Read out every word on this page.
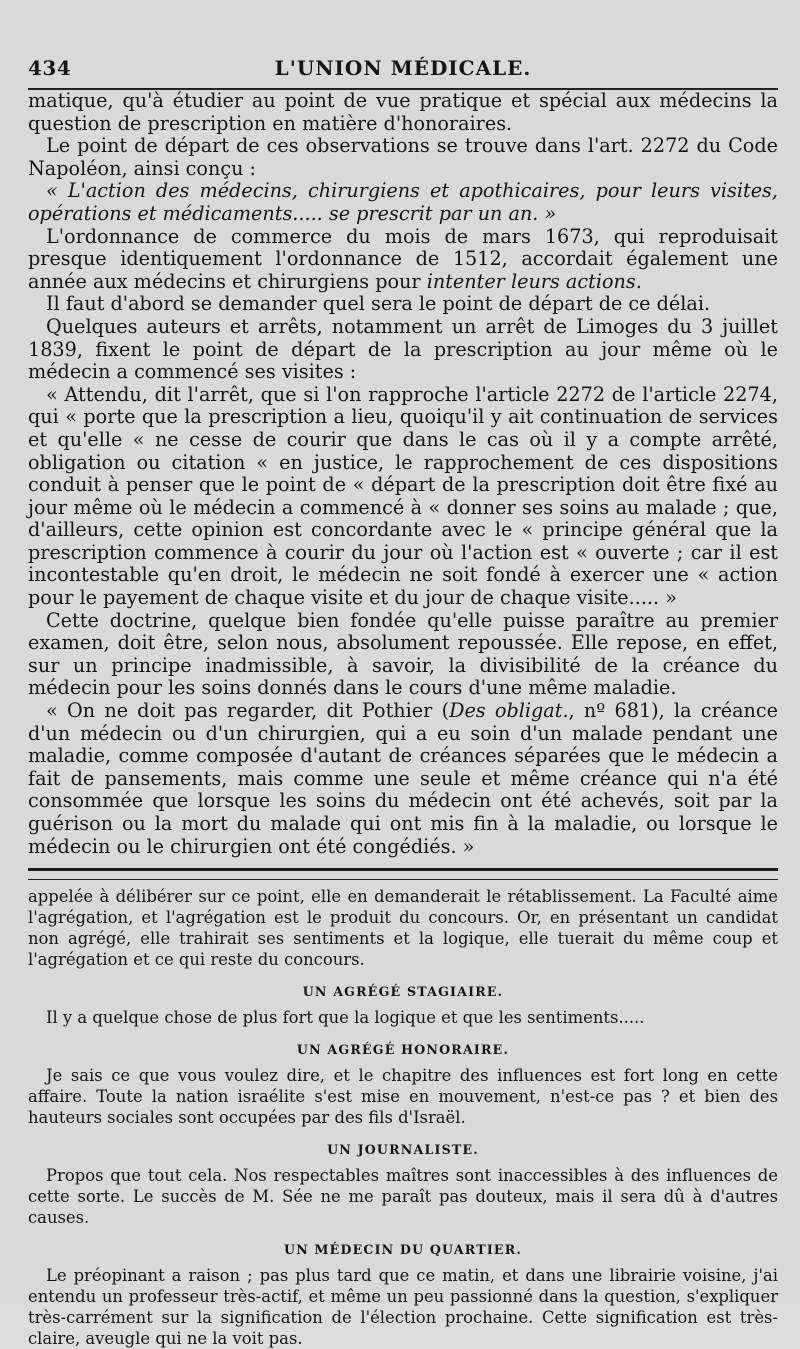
434	L'UNION MÉDICALE.

matique, qu'à étudier au point de vue pratique et spécial aux médecins la question de prescription en matière d'honoraires.

Le point de départ de ces observations se trouve dans l'art. 2272 du Code Napoléon, ainsi conçu :

« L'action des médecins, chirurgiens et apothicaires, pour leurs visites, opérations et médicaments..... se prescrit par un an. »

L'ordonnance de commerce du mois de mars 1673, qui reproduisait presque identiquement l'ordonnance de 1512, accordait également une année aux médecins et chirurgiens pour intenter leurs actions.

Il faut d'abord se demander quel sera le point de départ de ce délai.

Quelques auteurs et arrêts, notamment un arrêt de Limoges du 3 juillet 1839, fixent le point de départ de la prescription au jour même où le médecin a commencé ses visites :

« Attendu, dit l'arrêt, que si l'on rapproche l'article 2272 de l'article 2274, qui « porte que la prescription a lieu, quoiqu'il y ait continuation de services et qu'elle « ne cesse de courir que dans le cas où il y a compte arrêté, obligation ou citation « en justice, le rapprochement de ces dispositions conduit à penser que le point de « départ de la prescription doit être fixé au jour même où le médecin a commencé à « donner ses soins au malade ; que, d'ailleurs, cette opinion est concordante avec le « principe général que la prescription commence à courir du jour où l'action est « ouverte ; car il est incontestable qu'en droit, le médecin ne soit fondé à exercer une « action pour le payement de chaque visite et du jour de chaque visite..... »

Cette doctrine, quelque bien fondée qu'elle puisse paraître au premier examen, doit être, selon nous, absolument repoussée. Elle repose, en effet, sur un principe inadmissible, à savoir, la divisibilité de la créance du médecin pour les soins donnés dans le cours d'une même maladie.

« On ne doit pas regarder, dit Pothier (Des obligat., nº 681), la créance d'un médecin ou d'un chirurgien, qui a eu soin d'un malade pendant une maladie, comme composée d'autant de créances séparées que le médecin a fait de pansements, mais comme une seule et même créance qui n'a été consommée que lorsque les soins du médecin ont été achevés, soit par la guérison ou la mort du malade qui ont mis fin à la maladie, ou lorsque le médecin ou le chirurgien ont été congédiés. »

appelée à délibérer sur ce point, elle en demanderait le rétablissement. La Faculté aime l'agrégation, et l'agrégation est le produit du concours. Or, en présentant un candidat non agrégé, elle trahirait ses sentiments et la logique, elle tuerait du même coup et l'agrégation et ce qui reste du concours.

UN AGRÉGÉ STAGIAIRE.

Il y a quelque chose de plus fort que la logique et que les sentiments.....

UN AGRÉGÉ HONORAIRE.

Je sais ce que vous voulez dire, et le chapitre des influences est fort long en cette affaire. Toute la nation israélite s'est mise en mouvement, n'est-ce pas ? et bien des hauteurs sociales sont occupées par des fils d'Israël.

UN JOURNALISTE.

Propos que tout cela. Nos respectables maîtres sont inaccessibles à des influences de cette sorte. Le succès de M. Sée ne me paraît pas douteux, mais il sera dû à d'autres causes.

UN MÉDECIN DU QUARTIER.

Le préopinant a raison ; pas plus tard que ce matin, et dans une librairie voisine, j'ai entendu un professeur très-actif, et même un peu passionné dans la question, s'expliquer très-carrément sur la signification de l'élection prochaine. Cette signification est très-claire, aveugle qui ne la voit pas.
